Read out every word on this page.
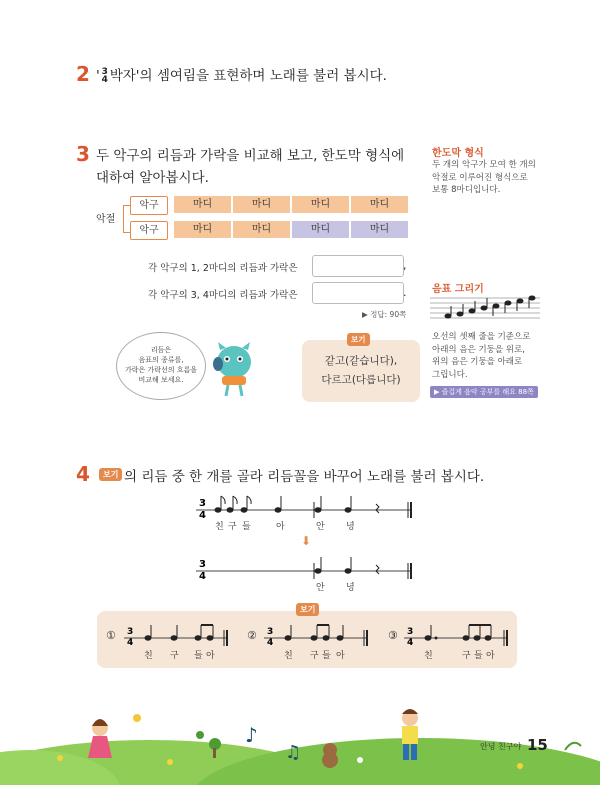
2 ' 3
4 박자'의 셈여림을 표현하며 노래를 불러 봅시다.
3 두 악구의 리듬과 가락을 비교해 보고, 한도막 형식에
대하여 알아봅시다.
악절
악구
악구
마디	마디	마디	마디
마디	마디	마디	마디
각 악구의 1, 2마디의 리듬과 가락은	,
각 악구의 3, 4마디의 리듬과 가락은	.
▶ 정답: 90쪽
리듬은
음표의 종류를,
가락은 가락선의 흐름을
비교해 보세요.
같고(같습니다),
다르고(다릅니다)
보기
한도막 형식
두 개의 악구가 모여 한 개의
악절로 이루어진 형식으로
보통 8마디입니다.
음표 그리기
오선의 셋째 줄을 기준으로
아래의 음은 기둥을 위로,
위의 음은 기둥을 아래로
그립니다.
▶ 즐겁게 음악 공부를 해요 88쪽
4	보기 의 리듬 중 한 개를 골라 리듬꼴을 바꾸어 노래를 불러 봅시다.
3
4
친 구 들	아	안 녕
⬇
3
4
안 녕
보기
① 3
4
친 구 들 아
② 3
4
친 구 들 아
③ 3
4
친	구 들 아
♪
♫	안녕 친구야 15
